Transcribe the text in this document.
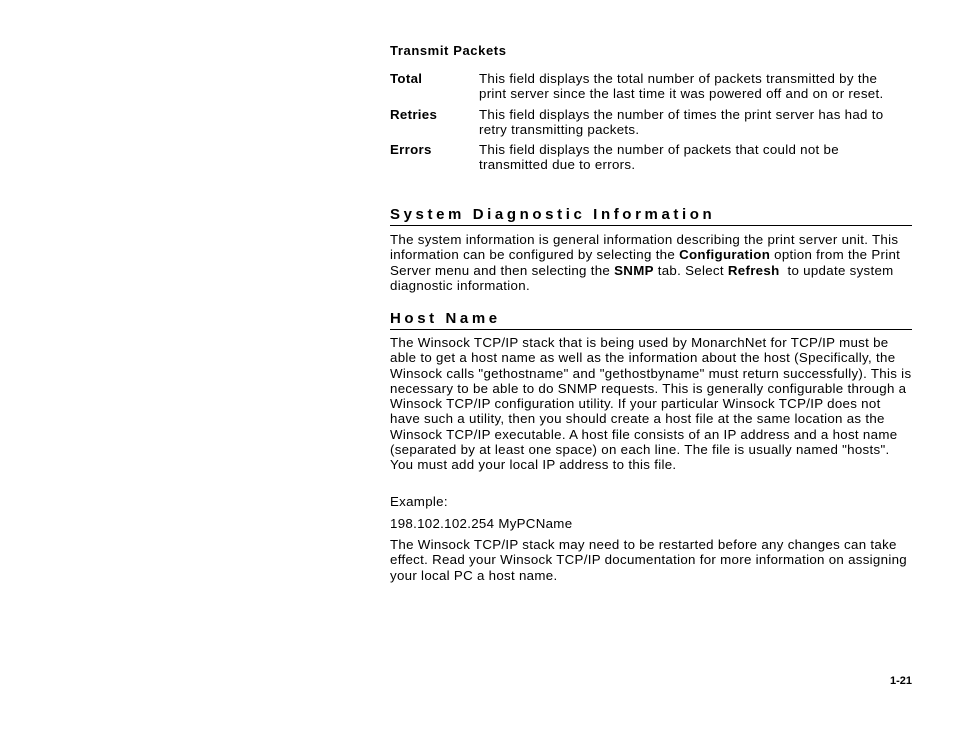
Transmit Packets
Total	This field displays the total number of packets transmitted by the print server since the last time it was powered off and on or reset.
Retries	This field displays the number of times the print server has had to retry transmitting packets.
Errors	This field displays the number of packets that could not be transmitted due to errors.
System Diagnostic Information
The system information is general information describing the print server unit. This information can be configured by selecting the Configuration option from the Print Server menu and then selecting the SNMP tab. Select Refresh  to update system diagnostic information.
Host Name
The Winsock TCP/IP stack that is being used by MonarchNet for TCP/IP must be able to get a host name as well as the information about the host (Specifically, the Winsock calls "gethostname" and "gethostbyname" must return successfully). This is necessary to be able to do SNMP requests. This is generally configurable through a Winsock TCP/IP configuration utility. If your particular Winsock TCP/IP does not have such a utility, then you should create a host file at the same location as the Winsock TCP/IP executable. A host file consists of an IP address and a host name (separated by at least one space) on each line. The file is usually named "hosts". You must add your local IP address to this file.
Example:
198.102.102.254 MyPCName
The Winsock TCP/IP stack may need to be restarted before any changes can take effect. Read your Winsock TCP/IP documentation for more information on assigning your local PC a host name.
1-21
